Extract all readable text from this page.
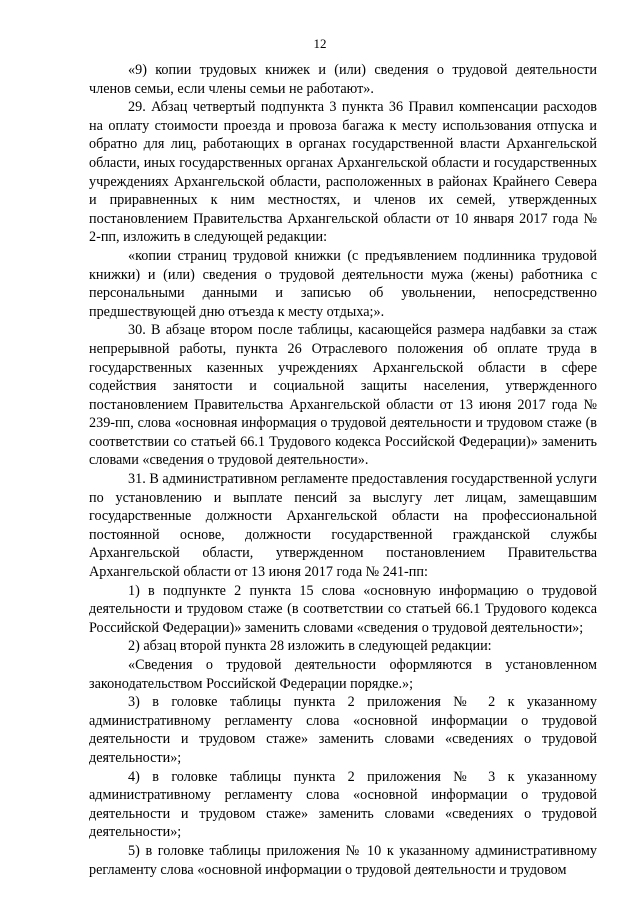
12

«9) копии трудовых книжек и (или) сведения о трудовой деятельности членов семьи, если члены семьи не работают».

29. Абзац четвертый подпункта 3 пункта 36 Правил компенсации расходов на оплату стоимости проезда и провоза багажа к месту использования отпуска и обратно для лиц, работающих в органах государственной власти Архангельской области, иных государственных органах Архангельской области и государственных учреждениях Архангельской области, расположенных в районах Крайнего Севера и приравненных к ним местностях, и членов их семей, утвержденных постановлением Правительства Архангельской области от 10 января 2017 года № 2-пп, изложить в следующей редакции:

«копии страниц трудовой книжки (с предъявлением подлинника трудовой книжки) и (или) сведения о трудовой деятельности мужа (жены) работника с персональными данными и записью об увольнении, непосредственно предшествующей дню отъезда к месту отдыха;».

30. В абзаце втором после таблицы, касающейся размера надбавки за стаж непрерывной работы, пункта 26 Отраслевого положения об оплате труда в государственных казенных учреждениях Архангельской области в сфере содействия занятости и социальной защиты населения, утвержденного постановлением Правительства Архангельской области от 13 июня 2017 года № 239-пп, слова «основная информация о трудовой деятельности и трудовом стаже (в соответствии со статьей 66.1 Трудового кодекса Российской Федерации)» заменить словами «сведения о трудовой деятельности».

31. В административном регламенте предоставления государственной услуги по установлению и выплате пенсий за выслугу лет лицам, замещавшим государственные должности Архангельской области на профессиональной постоянной основе, должности государственной гражданской службы Архангельской области, утвержденном постановлением Правительства Архангельской области от 13 июня 2017 года № 241-пп:

1) в подпункте 2 пункта 15 слова «основную информацию о трудовой деятельности и трудовом стаже (в соответствии со статьей 66.1 Трудового кодекса Российской Федерации)» заменить словами «сведения о трудовой деятельности»;

2) абзац второй пункта 28 изложить в следующей редакции:

«Сведения о трудовой деятельности оформляются в установленном законодательством Российской Федерации порядке.»;

3) в головке таблицы пункта 2 приложения № 2 к указанному административному регламенту слова «основной информации о трудовой деятельности и трудовом стаже» заменить словами «сведениях о трудовой деятельности»;

4) в головке таблицы пункта 2 приложения № 3 к указанному административному регламенту слова «основной информации о трудовой деятельности и трудовом стаже» заменить словами «сведениях о трудовой деятельности»;

5) в головке таблицы приложения № 10 к указанному административному регламенту слова «основной информации о трудовой деятельности и трудовом
